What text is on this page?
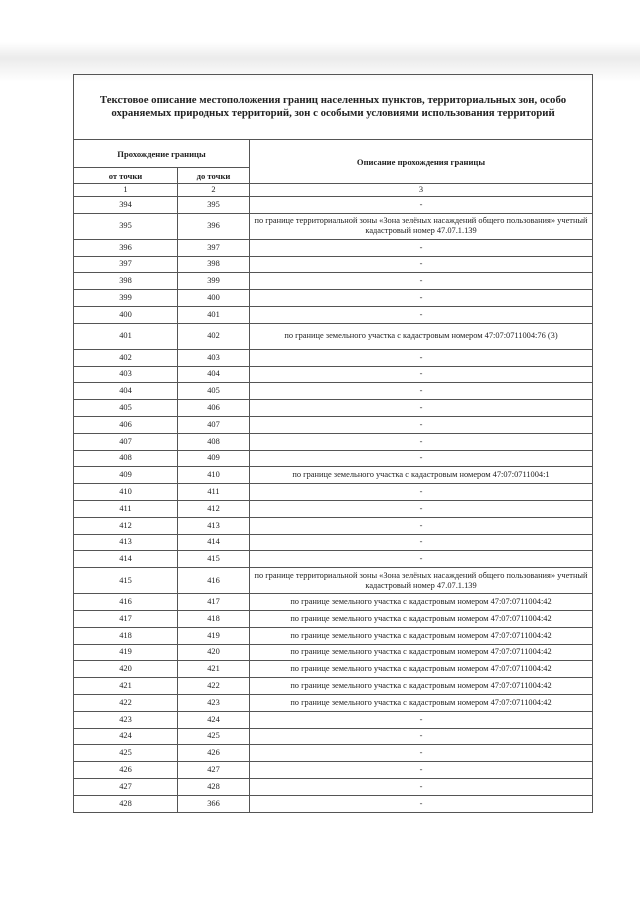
Текстовое описание местоположения границ населенных пунктов, территориальных зон, особо охраняемых природных территорий, зон с особыми условиями использования территорий		
Прохождение границы		Описание прохождения границы
от точки	до точки	
1	2	3
394	395	-
395	396	по границе территориальной зоны «Зона зелёных насаждений общего пользования» учетный кадастровый номер 47.07.1.139
396	397	-
397	398	-
398	399	-
399	400	-
400	401	-
401	402	по границе земельного участка с кадастровым номером 47:07:0711004:76 (3)
402	403	-
403	404	-
404	405	-
405	406	-
406	407	-
407	408	-
408	409	-
409	410	по границе земельного участка с кадастровым номером 47:07:0711004:1
410	411	-
411	412	-
412	413	-
413	414	-
414	415	-
415	416	по границе территориальной зоны «Зона зелёных насаждений общего пользования» учетный кадастровый номер 47.07.1.139
416	417	по границе земельного участка с кадастровым номером 47:07:0711004:42
417	418	по границе земельного участка с кадастровым номером 47:07:0711004:42
418	419	по границе земельного участка с кадастровым номером 47:07:0711004:42
419	420	по границе земельного участка с кадастровым номером 47:07:0711004:42
420	421	по границе земельного участка с кадастровым номером 47:07:0711004:42
421	422	по границе земельного участка с кадастровым номером 47:07:0711004:42
422	423	по границе земельного участка с кадастровым номером 47:07:0711004:42
423	424	-
424	425	-
425	426	-
426	427	-
427	428	-
428	366	-
